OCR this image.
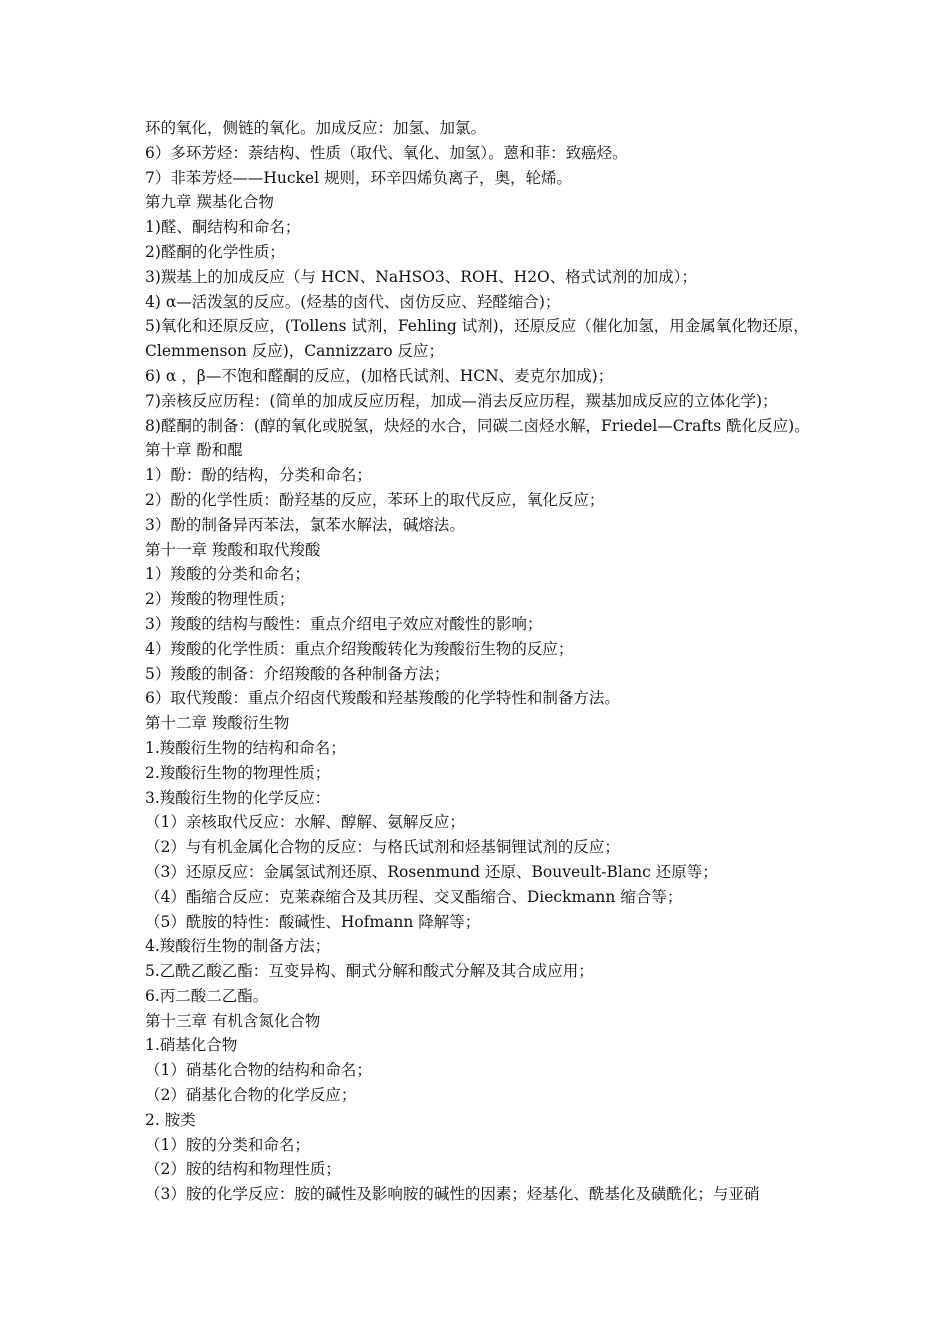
环的氧化，侧链的氧化。加成反应：加氢、加氯。
6）多环芳烃：萘结构、性质（取代、氧化、加氢）。蒽和菲：致癌烃。
7）非苯芳烃——Huckel 规则，环辛四烯负离子，奥，轮烯。
第九章 羰基化合物
1)醛、酮结构和命名；
2)醛酮的化学性质；
3)羰基上的加成反应（与 HCN、NaHSO3、ROH、H2O、格式试剂的加成）；
4) α—活泼氢的反应。(烃基的卤代、卤仿反应、羟醛缩合)；
5)氧化和还原反应，(Tollens 试剂，Fehling 试剂)，还原反应（催化加氢，用金属氧化物还原，Clemmenson 反应)，Cannizzaro 反应；
6) α ，β—不饱和醛酮的反应，(加格氏试剂、HCN、麦克尔加成)；
7)亲核反应历程：(简单的加成反应历程，加成—消去反应历程，羰基加成反应的立体化学)；
8)醛酮的制备：(醇的氧化或脱氢，炔烃的水合，同碳二卤烃水解，Friedel—Crafts 酰化反应)。
第十章 酚和醌
1）酚：酚的结构，分类和命名；
2）酚的化学性质：酚羟基的反应，苯环上的取代反应，氧化反应；
3）酚的制备异丙苯法，氯苯水解法，碱熔法。
第十一章 羧酸和取代羧酸
1）羧酸的分类和命名；
2）羧酸的物理性质；
3）羧酸的结构与酸性：重点介绍电子效应对酸性的影响；
4）羧酸的化学性质：重点介绍羧酸转化为羧酸衍生物的反应；
5）羧酸的制备：介绍羧酸的各种制备方法；
6）取代羧酸：重点介绍卤代羧酸和羟基羧酸的化学特性和制备方法。
第十二章 羧酸衍生物
1.羧酸衍生物的结构和命名；
2.羧酸衍生物的物理性质；
3.羧酸衍生物的化学反应：
（1）亲核取代反应：水解、醇解、氨解反应；
（2）与有机金属化合物的反应：与格氏试剂和烃基铜锂试剂的反应；
（3）还原反应：金属氢试剂还原、Rosenmund 还原、Bouveult-Blanc 还原等；
（4）酯缩合反应：克莱森缩合及其历程、交叉酯缩合、Dieckmann 缩合等；
（5）酰胺的特性：酸碱性、Hofmann 降解等；
4.羧酸衍生物的制备方法；
5.乙酰乙酸乙酯：互变异构、酮式分解和酸式分解及其合成应用；
6.丙二酸二乙酯。
第十三章 有机含氮化合物
1.硝基化合物
（1）硝基化合物的结构和命名；
（2）硝基化合物的化学反应；
2. 胺类
（1）胺的分类和命名；
（2）胺的结构和物理性质；
（3）胺的化学反应：胺的碱性及影响胺的碱性的因素；烃基化、酰基化及磺酰化；与亚硝
